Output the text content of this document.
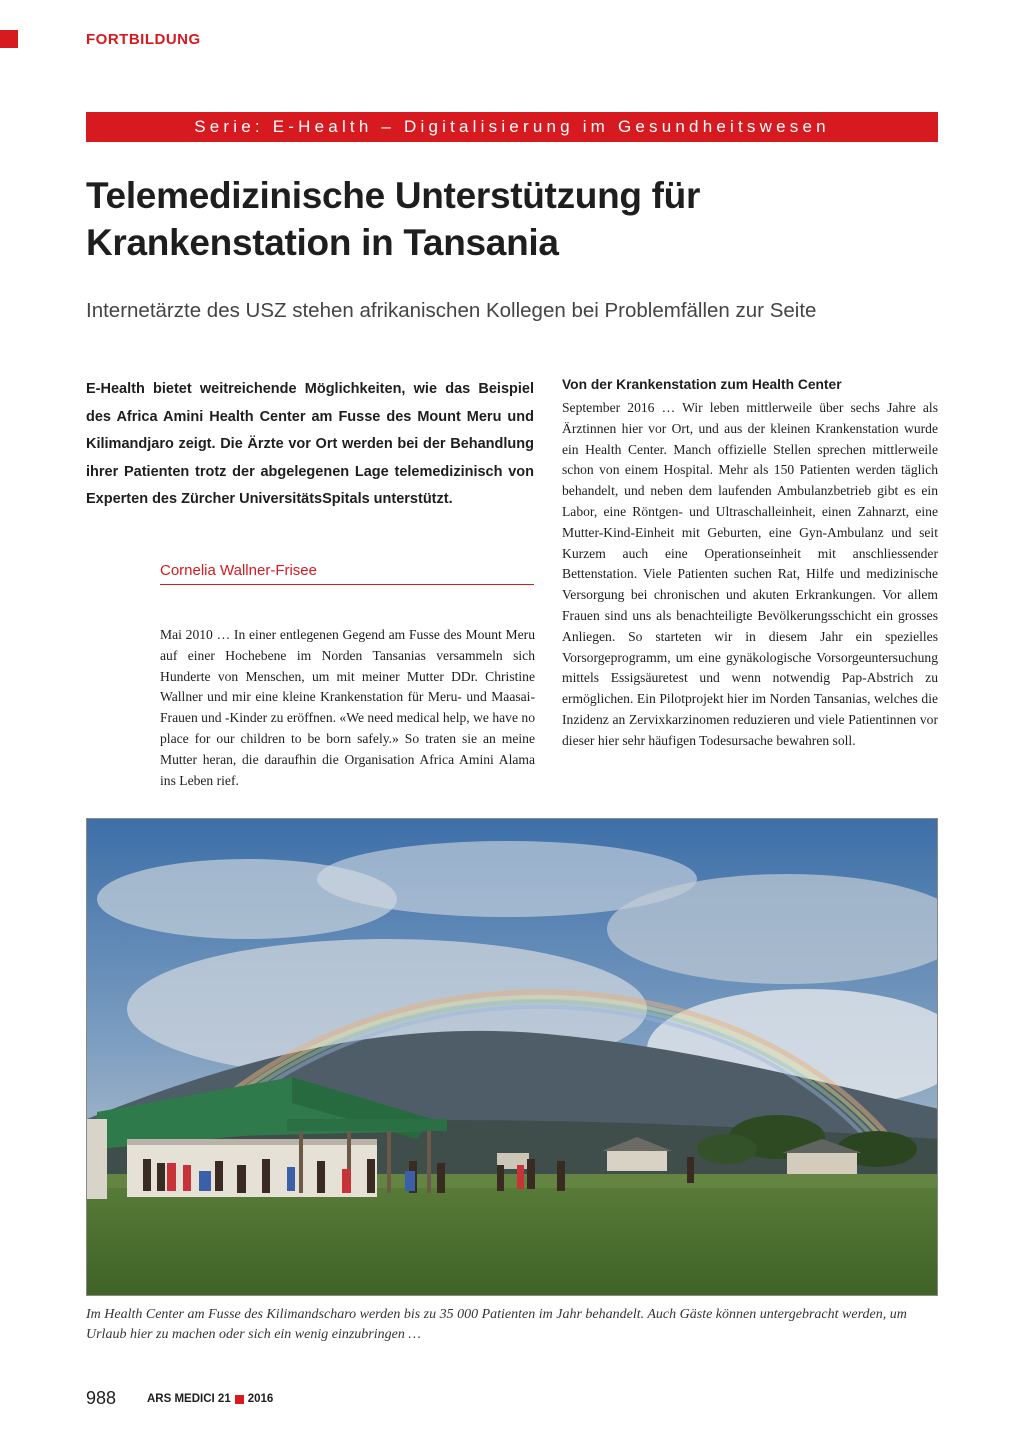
FORTBILDUNG
Serie: E-Health – Digitalisierung im Gesundheitswesen
Telemedizinische Unterstützung für Krankenstation in Tansania
Internetärzte des USZ stehen afrikanischen Kollegen bei Problemfällen zur Seite
E-Health bietet weitreichende Möglichkeiten, wie das Beispiel des Africa Amini Health Center am Fusse des Mount Meru und Kilimandjaro zeigt. Die Ärzte vor Ort werden bei der Behandlung ihrer Patienten trotz der abgelegenen Lage telemedizinisch von Experten des Zürcher UniversitätsSpitals unterstützt.
Cornelia Wallner-Frisee

Mai 2010 … In einer entlegenen Gegend am Fusse des Mount Meru auf einer Hochebene im Norden Tansanias versammeln sich Hunderte von Menschen, um mit meiner Mutter DDr. Christine Wallner und mir eine kleine Krankenstation für Meru- und Maasai-Frauen und -Kinder zu eröffnen. «We need medical help, we have no place for our children to be born safely.» So traten sie an meine Mutter heran, die daraufhin die Organisation Africa Amini Alama ins Leben rief.

Von der Krankenstation zum Health Center

September 2016 … Wir leben mittlerweile über sechs Jahre als Ärztinnen hier vor Ort, und aus der kleinen Krankenstation wurde ein Health Center. Manch offizielle Stellen sprechen mittlerweile schon von einem Hospital. Mehr als 150 Patienten werden täglich behandelt, und neben dem laufenden Ambulanzbetrieb gibt es ein Labor, eine Röntgen- und Ultraschalleinheit, einen Zahnarzt, eine Mutter-Kind-Einheit mit Geburten, eine Gyn-Ambulanz und seit Kurzem auch eine Operationseinheit mit anschliessender Bettenstation. Viele Patienten suchen Rat, Hilfe und medizinische Versorgung bei chronischen und akuten Erkrankungen. Vor allem Frauen sind uns als benachteiligte Bevölkerungsschicht ein grosses Anliegen. So starteten wir in diesem Jahr ein spezielles Vorsorgeprogramm, um eine gynäkologische Vorsorgeuntersuchung mittels Essigsäuretest und wenn notwendig Pap-Abstrich zu ermöglichen. Ein Pilotprojekt hier im Norden Tansanias, welches die Inzidenz an Zervixkarzinomen reduzieren und viele Patientinnen vor dieser hier sehr häufigen Todesursache bewahren soll.

Im Health Center am Fusse des Kilimandscharo werden bis zu 35 000 Patienten im Jahr behandelt. Auch Gäste können untergebracht werden, um Urlaub hier zu machen oder sich ein wenig einzubringen …
988	ARS MEDICI 21 2016
